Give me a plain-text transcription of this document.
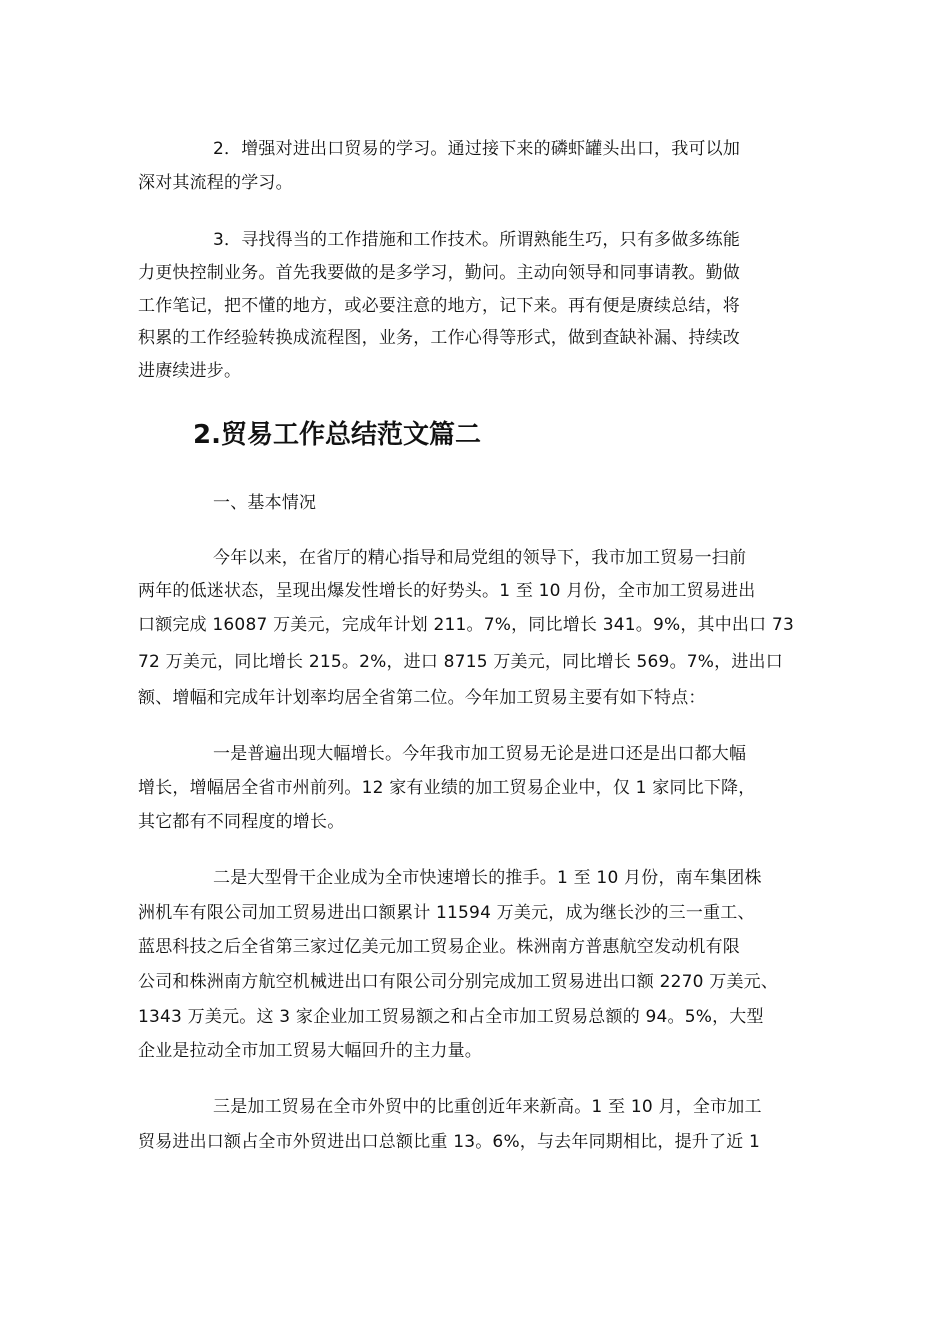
2．增强对进出口贸易的学习。通过接下来的磷虾罐头出口，我可以加
深对其流程的学习。
3．寻找得当的工作措施和工作技术。所谓熟能生巧，只有多做多练能
力更快控制业务。首先我要做的是多学习，勤问。主动向领导和同事请教。勤做
工作笔记，把不懂的地方，或必要注意的地方，记下来。再有便是赓续总结，将
积累的工作经验转换成流程图，业务，工作心得等形式，做到查缺补漏、持续改
进赓续进步。
2.贸易工作总结范文篇二
一、基本情况
今年以来，在省厅的精心指导和局党组的领导下，我市加工贸易一扫前
两年的低迷状态，呈现出爆发性增长的好势头。1 至 10 月份，全市加工贸易进出
口额完成 16087 万美元，完成年计划 211。7%，同比增长 341。9%，其中出口 73
72 万美元，同比增长 215。2%，进口 8715 万美元，同比增长 569。7%，进出口
额、增幅和完成年计划率均居全省第二位。今年加工贸易主要有如下特点：
一是普遍出现大幅增长。今年我市加工贸易无论是进口还是出口都大幅
增长，增幅居全省市州前列。12 家有业绩的加工贸易企业中，仅 1 家同比下降，
其它都有不同程度的增长。
二是大型骨干企业成为全市快速增长的推手。1 至 10 月份，南车集团株
洲机车有限公司加工贸易进出口额累计 11594 万美元，成为继长沙的三一重工、
蓝思科技之后全省第三家过亿美元加工贸易企业。株洲南方普惠航空发动机有限
公司和株洲南方航空机械进出口有限公司分别完成加工贸易进出口额 2270 万美元、
1343 万美元。这 3 家企业加工贸易额之和占全市加工贸易总额的 94。5%，大型
企业是拉动全市加工贸易大幅回升的主力量。
三是加工贸易在全市外贸中的比重创近年来新高。1 至 10 月，全市加工
贸易进出口额占全市外贸进出口总额比重 13。6%，与去年同期相比，提升了近 1
